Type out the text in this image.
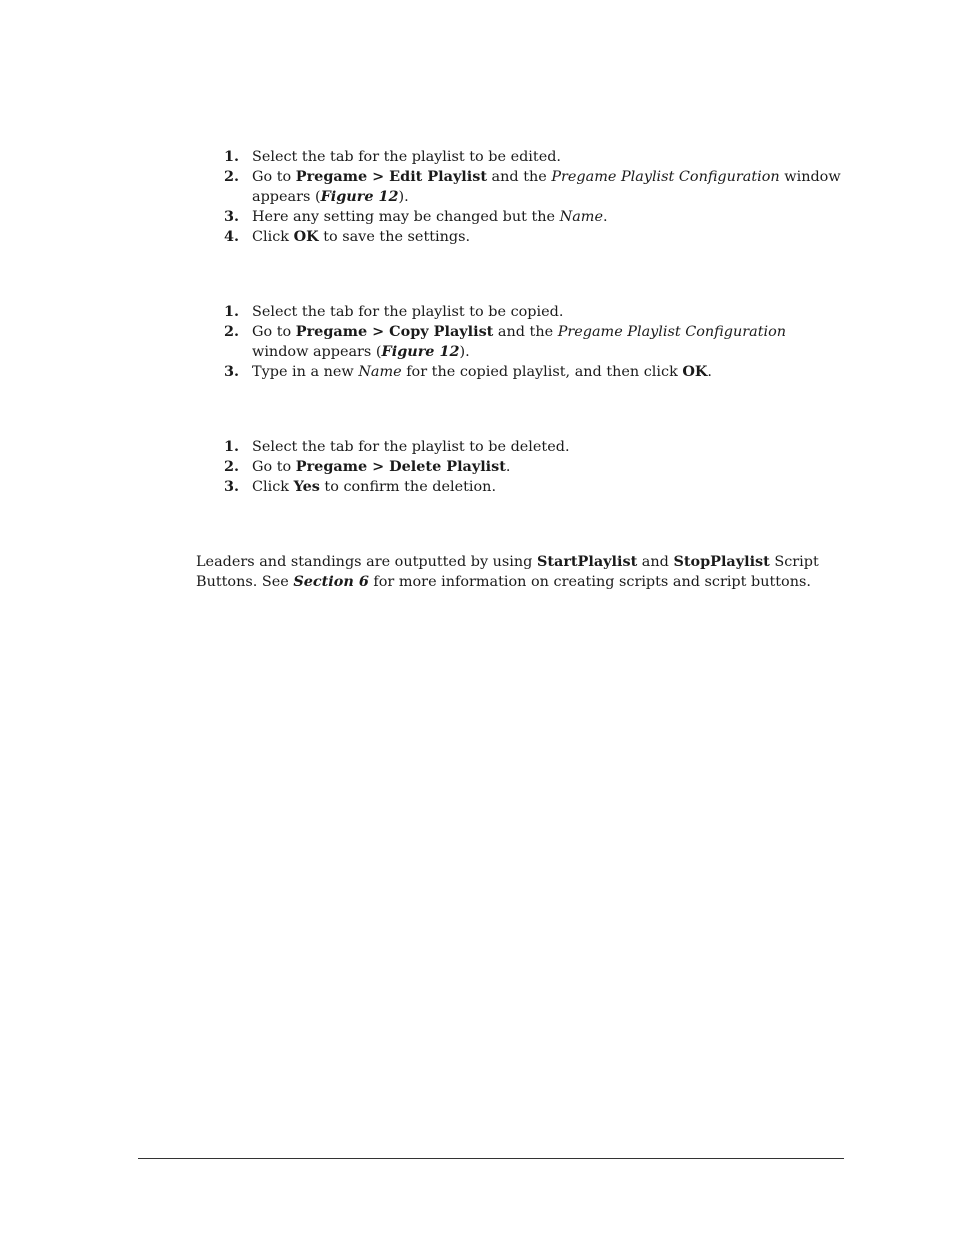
1. Select the tab for the playlist to be edited.
2. Go to Pregame > Edit Playlist and the Pregame Playlist Configuration window appears (Figure 12).
3. Here any setting may be changed but the Name.
4. Click OK to save the settings.
1. Select the tab for the playlist to be copied.
2. Go to Pregame > Copy Playlist and the Pregame Playlist Configuration window appears (Figure 12).
3. Type in a new Name for the copied playlist, and then click OK.
1. Select the tab for the playlist to be deleted.
2. Go to Pregame > Delete Playlist.
3. Click Yes to confirm the deletion.

Leaders and standings are outputted by using StartPlaylist and StopPlaylist Script Buttons. See Section 6 for more information on creating scripts and script buttons.
